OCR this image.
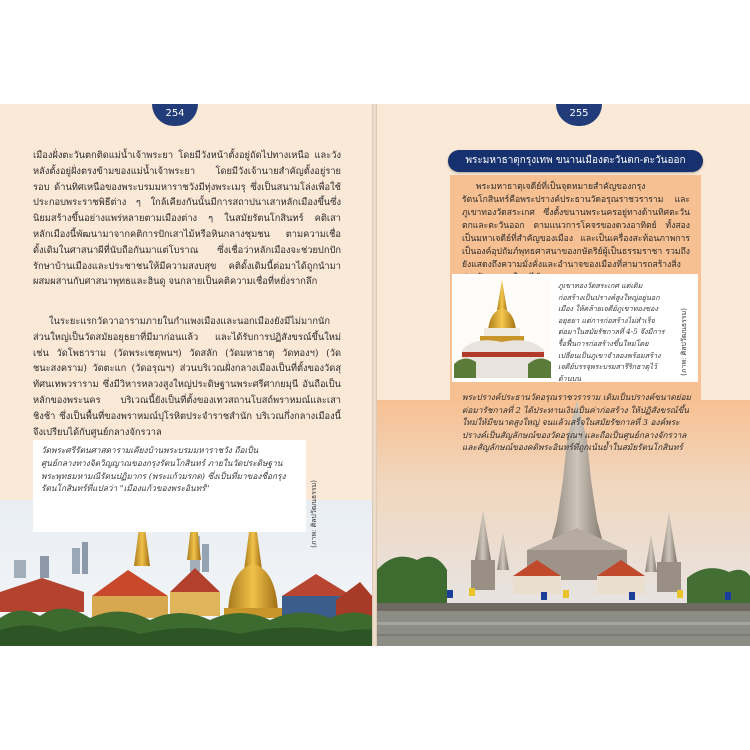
254

เมืองฝั่งตะวันตกติดแม่น้ำเจ้าพระยา โดยมีวังหน้าตั้งอยู่ถัดไปทางเหนือ และวังหลังตั้งอยู่ฝั่งตรงข้ามของแม่น้ำเจ้าพระยา โดยมีวังเจ้านายสำคัญตั้งอยู่ราย รอบ ด้านทิศเหนือของพระบรมมหาราชวังมีทุ่งพระเมรุ ซึ่งเป็นสนามโล่งเพื่อใช้ประกอบพระราชพิธีต่าง ๆ ใกล้เคียงกันนั้นมีการสถาปนาเสาหลักเมืองขึ้นซึ่งนิยมสร้างขึ้นอย่างแพร่หลายตามเมืองต่าง ๆ ในสมัยรัตนโกสินทร์ คติเสาหลักเมืองนี้พัฒนามาจากคติการปักเสาไม้หรือหินกลางชุมชน ตามความเชื่อดั้งเดิมในศาสนาผีที่นับถือกันมาแต่โบราณ ซึ่งเชื่อว่าหลักเมืองจะช่วยปกปักรักษาบ้านเมืองและประชาชนให้มีความสงบสุข คติดั้งเดิมนี้ต่อมาได้ถูกนำมาผสมผสานกับศาสนาพุทธและฮินดู จนกลายเป็นคติความเชื่อที่หยั่งรากลึก

ในระยะแรกวัดวาอารามภายในกำแพงเมืองและนอกเมืองยังมีไม่มากนัก ส่วนใหญ่เป็นวัดสมัยอยุธยาที่มีมาก่อนแล้ว และได้รับการปฏิสังขรณ์ขึ้นใหม่ เช่น วัดโพธาราม (วัดพระเชตุพนฯ) วัดสลัก (วัดมหาธาตุ วัดทองฯ) (วัดชนะสงคราม) วัดตะแก (วัดอรุณฯ) ส่วนบริเวณฝั่งกลางเมืองเป็นที่ตั้งของวัดสุทัศนเทพวราราม ซึ่งมีวิหารหลวงสูงใหญ่ประดิษฐานพระศรีศากยมุนี อันถือเป็นหลักของพระนคร บริเวณนี้ยังเป็นที่ตั้งของเทวสถานโบสถ์พราหมณ์และเสาชิงช้า ซึ่งเป็นพื้นที่ของพราหมณ์ปุโรหิตประจำราชสำนัก บริเวณกึ่งกลางเมืองนี้จึงเปรียบได้กับศูนย์กลางจักรวาล

วัดพระศรีรัตนศาสดารามเคียงบ้านพระบรมมหาราชวัง ถือเป็นศูนย์กลางทางจิตวิญญาณของกรุงรัตนโกสินทร์ ภายในวัดประดิษฐานพระพุทธมหามณีรัตนปฏิมากร (พระแก้วมรกต) ซึ่งเป็นที่มาของชื่อกรุงรัตนโกสินทร์ที่แปลว่า "เมืองแก้วของพระอินทร์"	(ภาพ: ศิลปวัฒนธรรม)
255
พระมหาธาตุกรุงเทพ ขนานเมืองตะวันตก-ตะวันออก

พระมหาธาตุเจดีย์ที่เป็นจุดหมายสำคัญของกรุงรัตนโกสินทร์คือพระปรางค์ประธานวัดอรุณราชวราราม และภูเขาทองวัดสระเกศ ซึ่งตั้งขนานพระนครอยู่ทางด้านทิศตะวันตกและตะวันออก ตามแนวการโคจรของดวงอาทิตย์ ทั้งสองเป็นมหาเจดีย์ที่สำคัญของเมือง และเป็นเครื่องสะท้อนภาพการเป็นองค์อุปถัมภ์พุทธศาสนาของกษัตริย์ผู้เป็นธรรมราชา รวมถึงยังแสดงถึงความมั่งคั่งและอำนาจของเมืองที่สามารถสร้างสิ่ง

ภูเขาทองวัดสระเกศ แต่เดิมก่อสร้างเป็นปรางค์สูงใหญ่อยู่นอกเมือง ให้คล้ายเจดีย์ภูเขาทองของอยุธยา แต่การก่อสร้างไม่สำเร็จ ต่อมาในสมัยรัชกาลที่ 4-5 จึงมีการรื้อฟื้นการก่อสร้างขึ้นใหม่โดยเปลี่ยนเป็นภูเขาจำลองพร้อมสร้างเจดีย์บรรจุพระบรมสารีริกธาตุไว้ด้านบน

(ภาพ: ศิลปวัฒนธรรม)

พระปรางค์ประธานวัดอรุณราชวราราม เดิมเป็นปรางค์ขนาดย่อม ต่อมารัชกาลที่ 2 ได้ประทานเงินเป็นค่าก่อสร้าง ให้ปฏิสังขรณ์ขึ้นใหม่ให้มีขนาดสูงใหญ่ จนแล้วเสร็จในสมัยรัชกาลที่ 3 องค์พระปรางค์เป็นสัญลักษณ์ของวัดอรุณฯ และถือเป็นศูนย์กลางจักรวาลและสัญลักษณ์ของคติพระอินทร์ที่ถูกเน้นย้ำในสมัยรัตนโกสินทร์
